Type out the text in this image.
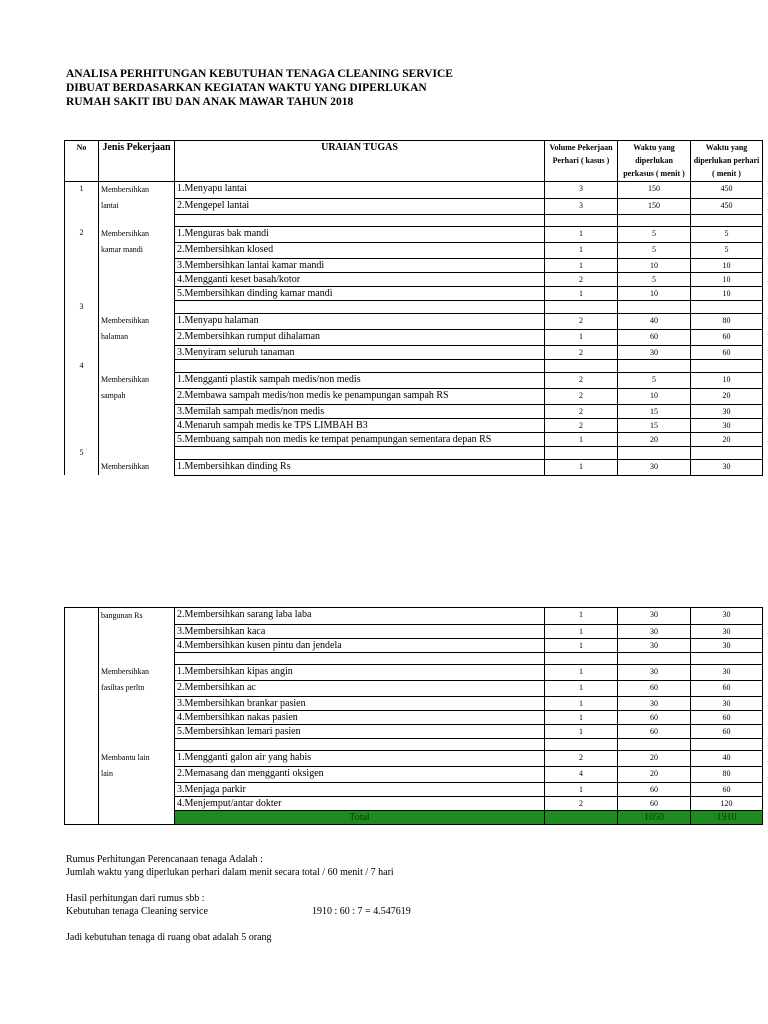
ANALISA PERHITUNGAN KEBUTUHAN TENAGA CLEANING SERVICE
DIBUAT BERDASARKAN KEGIATAN WAKTU YANG DIPERLUKAN
RUMAH SAKIT IBU DAN ANAK MAWAR TAHUN 2018
No	Jenis Pekerjaan	URAIAN TUGAS	Volume Pekerjaan Perhari ( kasus )	Waktu yang diperlukan perkasus ( menit )	Waktu yang diperlukan perhari ( menit )
1	Membersihkan	1.Menyapu lantai	3	150	450
	lantai	2.Mengepel lantai	3	150	450

2	Membersihkan	1.Menguras bak mandi	1	5	5
	kamar mandi	2.Membersihkan klosed	1	5	5
		3.Membersihkan lantai kamar mandi	1	10	10
		4.Mengganti keset basah/kotor	2	5	10
		5.Membersihkan dinding kamar mandi	1	10	10
3					
	Membersihkan	1.Menyapu halaman	2	40	80
	halaman	2.Membersihkan rumput dihalaman	1	60	60
		3.Menyiram seluruh tanaman	2	30	60
4					
	Membersihkan	1.Mengganti plastik sampah medis/non medis	2	5	10
	sampah	2.Membawa sampah medis/non medis ke penampungan sampah RS	2	10	20
		3.Memilah sampah medis/non medis	2	15	30
		4.Menaruh sampah medis ke TPS LIMBAH B3	2	15	30
		5.Membuang sampah non medis ke tempat penampungan sementara depan RS	1	20	20
5					
	Membersihkan	1.Membersihkan dinding Rs	1	30	30
	bangunan Rs	2.Membersihkan sarang laba laba	1	30	30
		3.Membersihkan kaca	1	30	30
		4.Membersihkan kusen pintu dan jendela	1	30	30

	Membersihkan	1.Membersihkan kipas angin	1	30	30
	fasiltas perltn	2.Membersihkan ac	1	60	60
		3.Membersihkan brankar pasien	1	30	30
		4.Membersihkan nakas pasien	1	60	60
		5.Membersihkan lemari pasien	1	60	60

	Membantu lain	1.Mengganti galon air yang habis	2	20	40
	lain	2.Memasang dan mengganti oksigen	4	20	80
		3.Menjaga parkir	1	60	60
		4.Menjemput/antar dokter	2	60	120
		Total		1050	1910
Rumus Perhitungan Perencanaan tenaga Adalah :
Jumlah waktu yang diperlukan perhari dalam menit secara total / 60 menit / 7 hari
Hasil perhitungan dari rumus sbb :
Kebutuhan tenaga Cleaning service	1910 : 60 : 7 = 4.547619
Jadi kebutuhan tenaga di ruang obat adalah 5 orang
